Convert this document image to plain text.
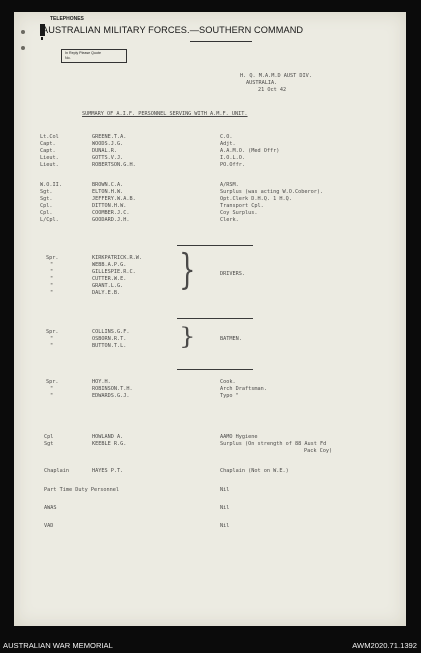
TELEPHONES
AUSTRALIAN MILITARY FORCES.—SOUTHERN COMMAND
In Reply Please Quote
No.
H. Q. M.A.M.D AUST DIV.
AUSTRALIA.
21 Oct 42
SUMMARY OF A.I.F. PERSONNEL SERVING WITH A.M.F. UNIT.
Lt.Col	GREENE.T.A.	C.O.
Capt.	WOODS.J.G.	Adjt.
Capt.	DUNAL.R.	A.A.M.O. (Med Offr)
Lieut.	GOTTS.V.J.	I.O.L.O.
Lieut.	ROBERTSON.G.H.	PO.Offr.
W.O.II.	BROWN.C.A.	A/RSM.
Sgt.	ELTON.H.W.	Surplus (was acting W.O.Coberor).
Sgt.	JEFFERY.W.A.B.	Opt.Clerk D.H.Q. 1 H.Q.
Cpl.	DITTON.H.W.	Transport Cpl.
Cpl.	COOMBER.J.C.	Coy Surplus.
L/Cpl.	GOODARD.J.H.	Clerk.
Spr.	KIRKPATRICK.R.W.
"	WEBB.A.P.G.
"	GILLESPIE.R.C.
"	CUTTER.W.E.
"	GRANT.L.G.
"	DALY.E.B. }	DRIVERS.
Spr.	COLLINS.G.F.
"	OSBORN.R.T.
"	BUTTON.T.L. }	BATMEN.
Spr.	HOY.H.	Cook.
"	ROBINSON.T.H.	Arch Draftsman.
"	EDWARDS.G.J.	Typo "
Cpl	HOWLAND A.	AAMO Hygiene
Sgt	KEEBLE R.G.	Surplus (On strength of 88 Aust Fd
Pack Coy)
Chaplain	HAYES P.T.	Chaplain (Not on W.E.)
Part Time Duty Personnel	Nil
AWAS	Nil
VAD	Nil
AUSTRALIAN WAR MEMORIAL	AWM2020.71.1392
